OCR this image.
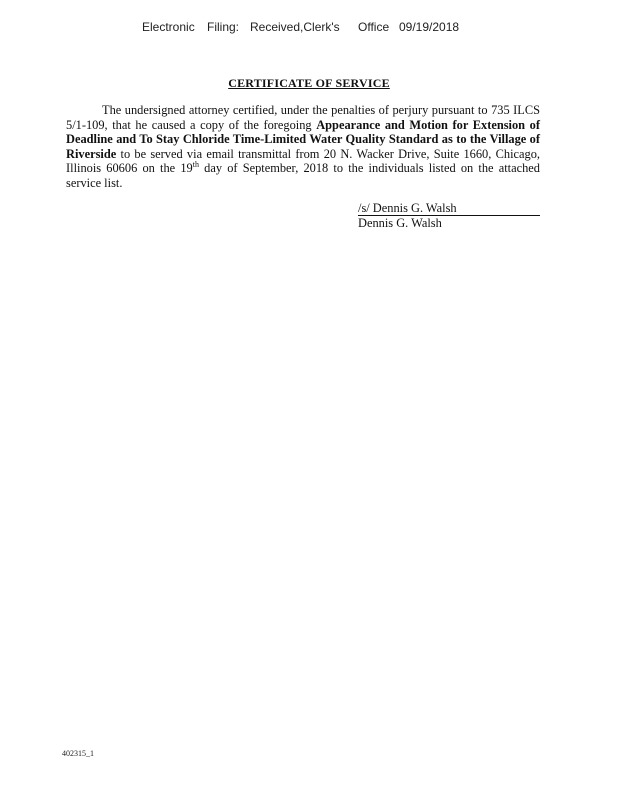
Electronic Filing: Received,Clerk's Office 09/19/2018
CERTIFICATE OF SERVICE
The undersigned attorney certified, under the penalties of perjury pursuant to 735 ILCS 5/1-109, that he caused a copy of the foregoing Appearance and Motion for Extension of Deadline and To Stay Chloride Time-Limited Water Quality Standard as to the Village of Riverside to be served via email transmittal from 20 N. Wacker Drive, Suite 1660, Chicago, Illinois 60606 on the 19th day of September, 2018 to the individuals listed on the attached service list.
/s/ Dennis G. Walsh
Dennis G. Walsh
402315_1
